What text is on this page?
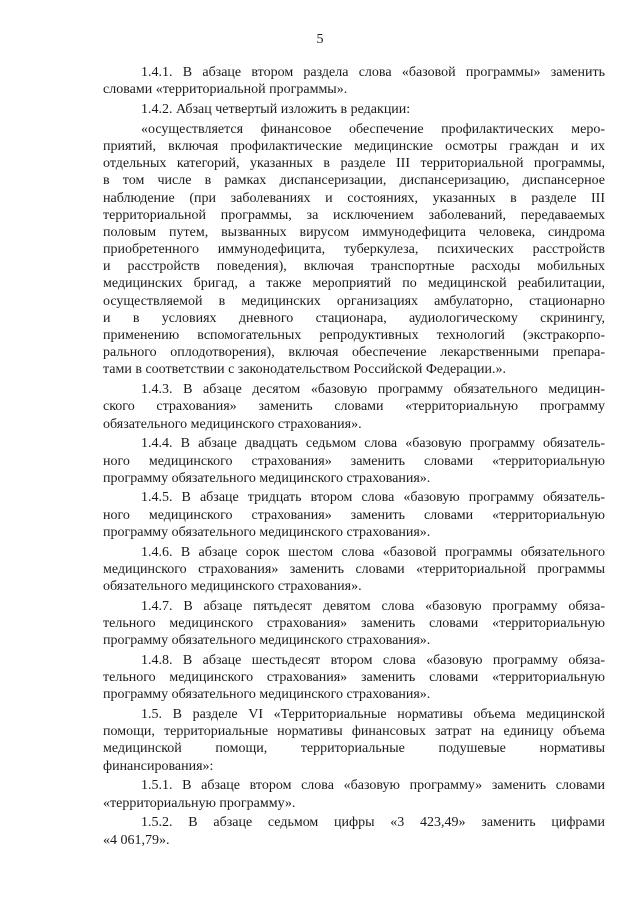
5
1.4.1. В абзаце втором раздела слова «базовой программы» заменить
словами «территориальной программы».
1.4.2. Абзац четвертый изложить в редакции:
«осуществляется финансовое обеспечение профилактических меро-
приятий, включая профилактические медицинские осмотры граждан и их
отдельных категорий, указанных в разделе III территориальной программы,
в том числе в рамках диспансеризации, диспансеризацию, диспансерное
наблюдение (при заболеваниях и состояниях, указанных в разделе III
территориальной программы, за исключением заболеваний, передаваемых
половым путем, вызванных вирусом иммунодефицита человека, синдрома
приобретенного иммунодефицита, туберкулеза, психических расстройств
и расстройств поведения), включая транспортные расходы мобильных
медицинских бригад, а также мероприятий по медицинской реабилитации,
осуществляемой в медицинских организациях амбулаторно, стационарно
и в условиях дневного стационара, аудиологическому скринингу,
применению вспомогательных репродуктивных технологий (экстракорпо-
рального оплодотворения), включая обеспечение лекарственными препара-
тами в соответствии с законодательством Российской Федерации.».
1.4.3. В абзаце десятом «базовую программу обязательного медицин-
ского страхования» заменить словами «территориальную программу
обязательного медицинского страхования».
1.4.4. В абзаце двадцать седьмом слова «базовую программу обязатель-
ного медицинского страхования» заменить словами «территориальную
программу обязательного медицинского страхования».
1.4.5. В абзаце тридцать втором слова «базовую программу обязатель-
ного медицинского страхования» заменить словами «территориальную
программу обязательного медицинского страхования».
1.4.6. В абзаце сорок шестом слова «базовой программы обязательного
медицинского страхования» заменить словами «территориальной программы
обязательного медицинского страхования».
1.4.7. В абзаце пятьдесят девятом слова «базовую программу обяза-
тельного медицинского страхования» заменить словами «территориальную
программу обязательного медицинского страхования».
1.4.8. В абзаце шестьдесят втором слова «базовую программу обяза-
тельного медицинского страхования» заменить словами «территориальную
программу обязательного медицинского страхования».
1.5. В разделе VI «Территориальные нормативы объема медицинской
помощи, территориальные нормативы финансовых затрат на единицу объема
медицинской помощи, территориальные подушевые нормативы
финансирования»:
1.5.1. В абзаце втором слова «базовую программу» заменить словами
«территориальную программу».
1.5.2. В абзаце седьмом цифры «3 423,49» заменить цифрами
«4 061,79».
